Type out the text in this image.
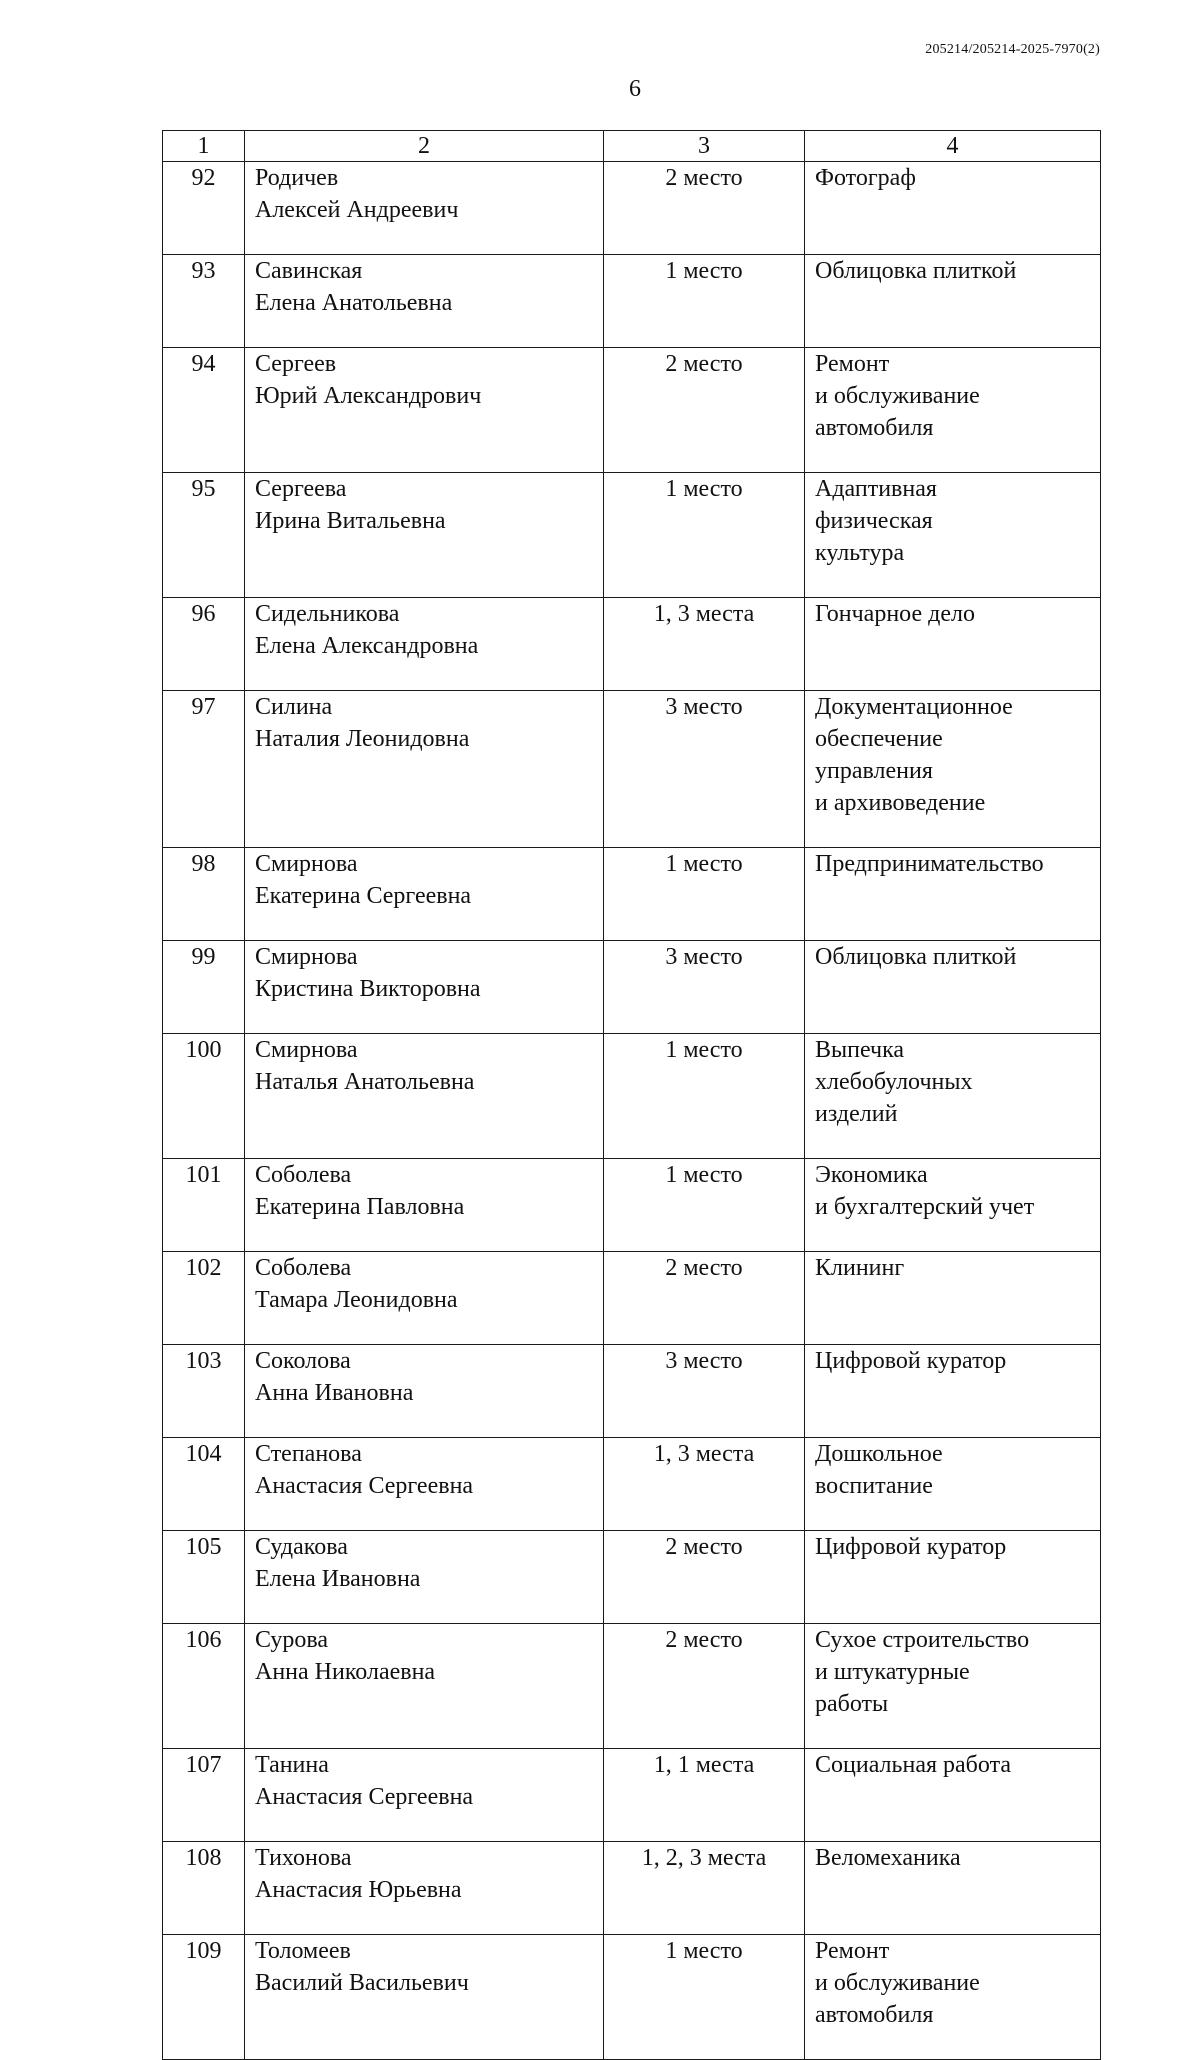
205214/205214-2025-7970(2)
6
1	2	3	4
92	Родичев
Алексей Андреевич	2 место	Фотограф
93	Савинская
Елена Анатольевна	1 место	Облицовка плиткой
94	Сергеев
Юрий Александрович	2 место	Ремонт
и обслуживание
автомобиля
95	Сергеева
Ирина Витальевна	1 место	Адаптивная
физическая
культура
96	Сидельникова
Елена Александровна	1, 3 места	Гончарное дело
97	Силина
Наталия Леонидовна	3 место	Документационное
обеспечение
управления
и архивоведение
98	Смирнова
Екатерина Сергеевна	1 место	Предпринимательство
99	Смирнова
Кристина Викторовна	3 место	Облицовка плиткой
100	Смирнова
Наталья Анатольевна	1 место	Выпечка
хлебобулочных
изделий
101	Соболева
Екатерина Павловна	1 место	Экономика
и бухгалтерский учет
102	Соболева
Тамара Леонидовна	2 место	Клининг
103	Соколова
Анна Ивановна	3 место	Цифровой куратор
104	Степанова
Анастасия Сергеевна	1, 3 места	Дошкольное
воспитание
105	Судакова
Елена Ивановна	2 место	Цифровой куратор
106	Сурова
Анна Николаевна	2 место	Сухое строительство
и штукатурные
работы
107	Танина
Анастасия Сергеевна	1, 1 места	Социальная работа
108	Тихонова
Анастасия Юрьевна	1, 2, 3 места	Веломеханика
109	Толомеев
Василий Васильевич	1 место	Ремонт
и обслуживание
автомобиля
